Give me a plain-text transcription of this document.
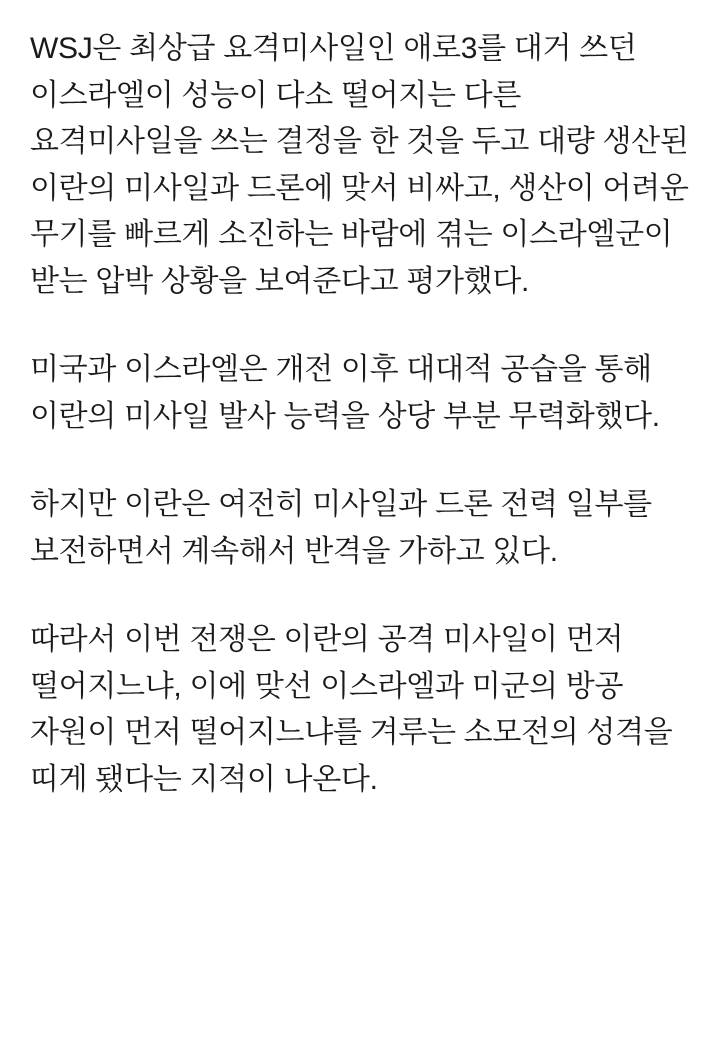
WSJ은 최상급 요격미사일인 애로3를 대거 쓰던 이스라엘이 성능이 다소 떨어지는 다른 요격미사일을 쓰는 결정을 한 것을 두고 대량 생산된 이란의 미사일과 드론에 맞서 비싸고, 생산이 어려운 무기를 빠르게 소진하는 바람에 겪는 이스라엘군이 받는 압박 상황을 보여준다고 평가했다.

미국과 이스라엘은 개전 이후 대대적 공습을 통해 이란의 미사일 발사 능력을 상당 부분 무력화했다.

하지만 이란은 여전히 미사일과 드론 전력 일부를 보전하면서 계속해서 반격을 가하고 있다.

따라서 이번 전쟁은 이란의 공격 미사일이 먼저 떨어지느냐, 이에 맞선 이스라엘과 미군의 방공 자원이 먼저 떨어지느냐를 겨루는 소모전의 성격을 띠게 됐다는 지적이 나온다.
